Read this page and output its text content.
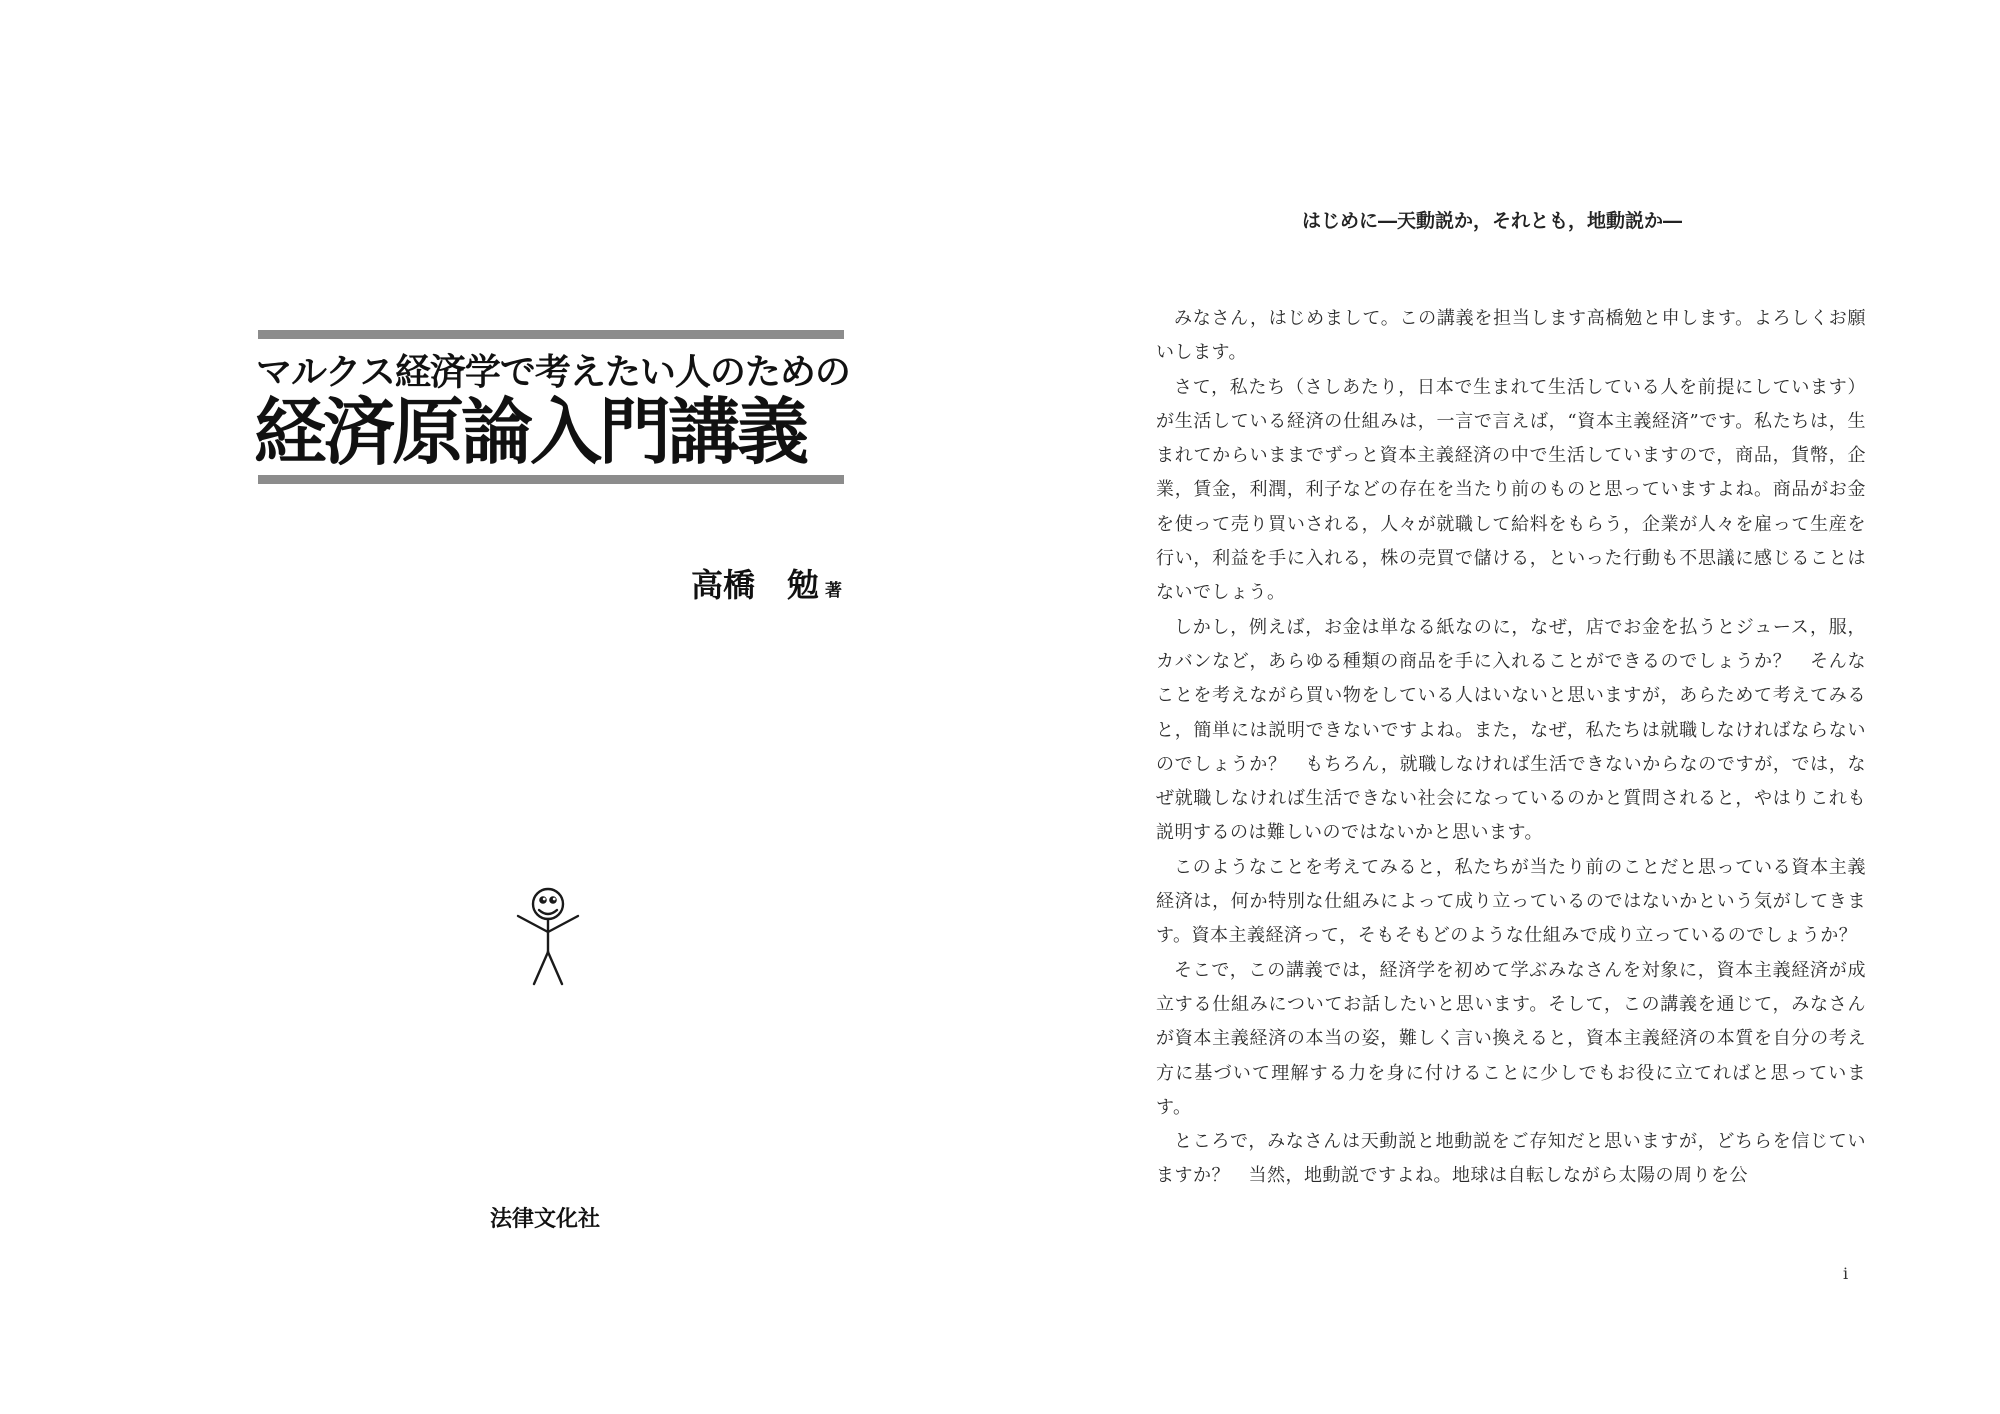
マルクス経済学で考えたい人のための
経済原論入門講義
高橋　勉 著
法律文化社
はじめに―天動説か，それとも，地動説か―

みなさん，はじめまして。この講義を担当します高橋勉と申します。よろしくお願いします。

さて，私たち（さしあたり，日本で生まれて生活している人を前提にしています）が生活している経済の仕組みは，一言で言えば，“資本主義経済”です。私たちは，生まれてからいままでずっと資本主義経済の中で生活していますので，商品，貨幣，企業，賃金，利潤，利子などの存在を当たり前のものと思っていますよね。商品がお金を使って売り買いされる，人々が就職して給料をもらう，企業が人々を雇って生産を行い，利益を手に入れる，株の売買で儲ける，といった行動も不思議に感じることはないでしょう。

しかし，例えば，お金は単なる紙なのに，なぜ，店でお金を払うとジュース，服，カバンなど，あらゆる種類の商品を手に入れることができるのでしょうか？　そんなことを考えながら買い物をしている人はいないと思いますが，あらためて考えてみると，簡単には説明できないですよね。また，なぜ，私たちは就職しなければならないのでしょうか？　もちろん，就職しなければ生活できないからなのですが，では，なぜ就職しなければ生活できない社会になっているのかと質問されると，やはりこれも説明するのは難しいのではないかと思います。

このようなことを考えてみると，私たちが当たり前のことだと思っている資本主義経済は，何か特別な仕組みによって成り立っているのではないかという気がしてきます。資本主義経済って，そもそもどのような仕組みで成り立っているのでしょうか？

そこで，この講義では，経済学を初めて学ぶみなさんを対象に，資本主義経済が成立する仕組みについてお話したいと思います。そして，この講義を通じて，みなさんが資本主義経済の本当の姿，難しく言い換えると，資本主義経済の本質を自分の考え方に基づいて理解する力を身に付けることに少しでもお役に立てればと思っています。

ところで，みなさんは天動説と地動説をご存知だと思いますが，どちらを信じていますか？　当然，地動説ですよね。地球は自転しながら太陽の周りを公

i
